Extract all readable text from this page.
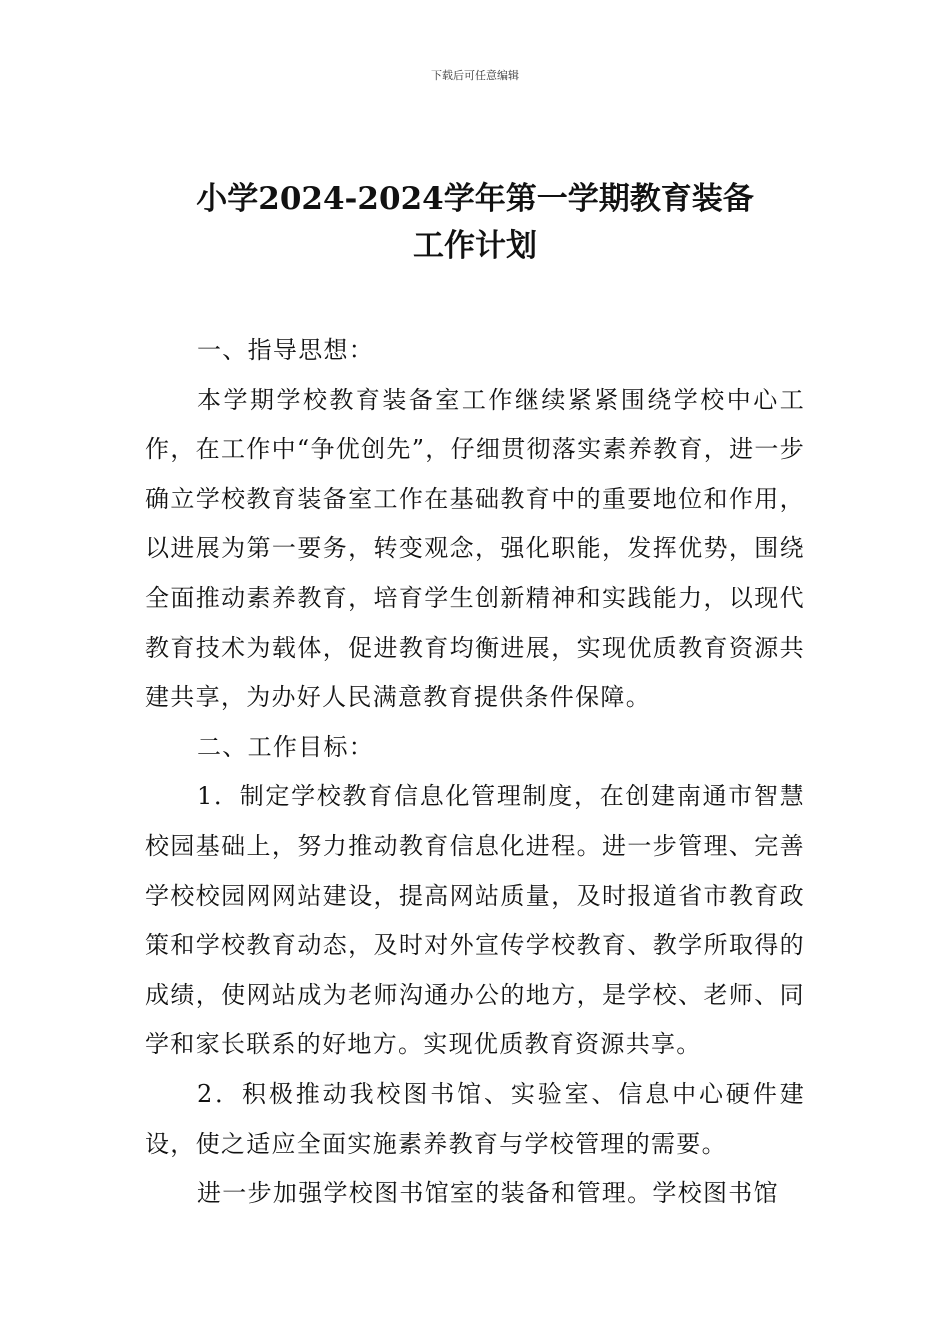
下载后可任意编辑
小学2024-2024学年第一学期教育装备
工作计划

一、指导思想：

本学期学校教育装备室工作继续紧紧围绕学校中心工作，在工作中“争优创先”，仔细贯彻落实素养教育，进一步确立学校教育装备室工作在基础教育中的重要地位和作用，以进展为第一要务，转变观念，强化职能，发挥优势，围绕全面推动素养教育，培育学生创新精神和实践能力，以现代教育技术为载体，促进教育均衡进展，实现优质教育资源共建共享，为办好人民满意教育提供条件保障。

二、工作目标：

1．制定学校教育信息化管理制度，在创建南通市智慧校园基础上，努力推动教育信息化进程。进一步管理、完善学校校园网网站建设，提高网站质量，及时报道省市教育政策和学校教育动态，及时对外宣传学校教育、教学所取得的成绩，使网站成为老师沟通办公的地方，是学校、老师、同学和家长联系的好地方。实现优质教育资源共享。

2．积极推动我校图书馆、实验室、信息中心硬件建设，使之适应全面实施素养教育与学校管理的需要。

进一步加强学校图书馆室的装备和管理。学校图书馆
